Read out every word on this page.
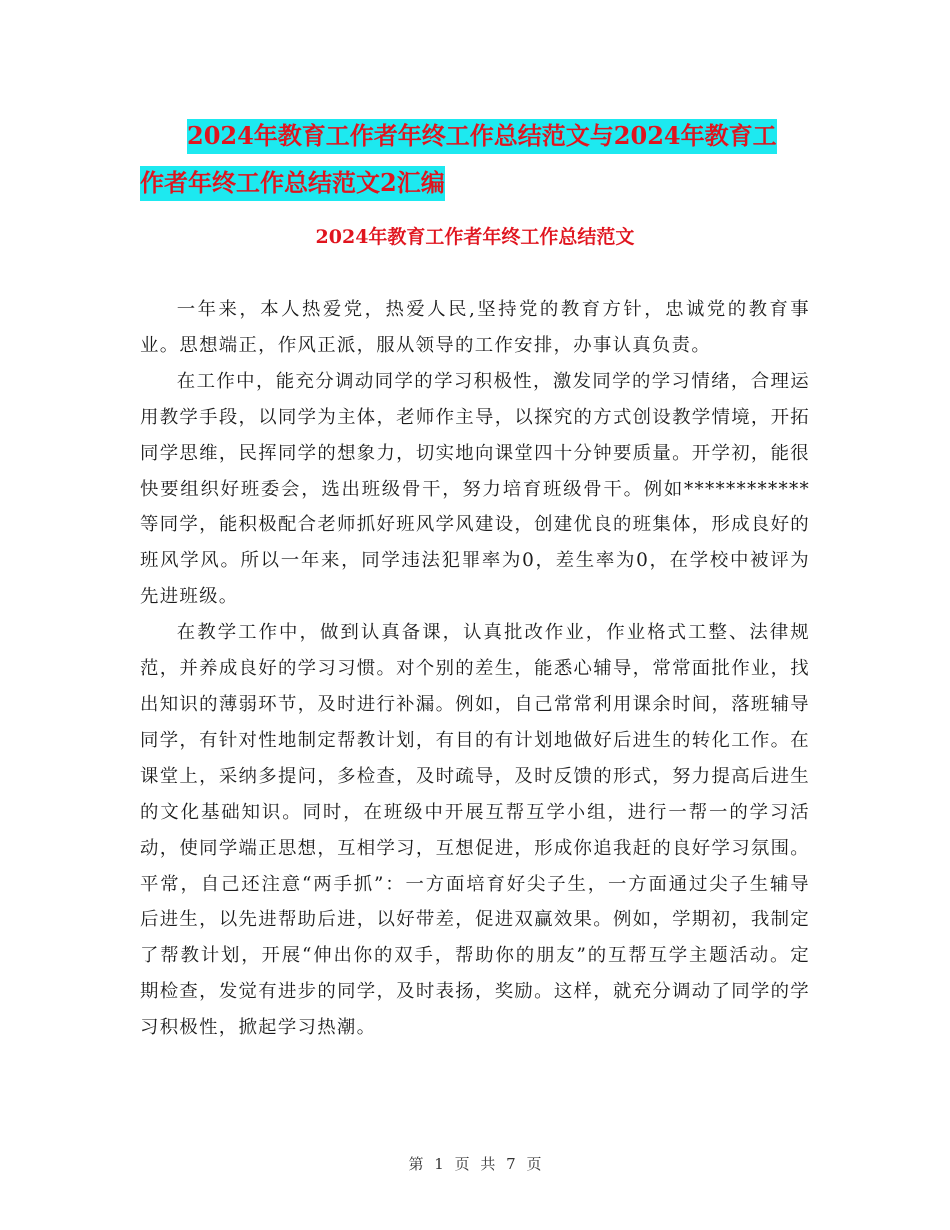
2024年教育工作者年终工作总结范文与2024年教育工
作者年终工作总结范文2汇编
2024年教育工作者年终工作总结范文

一年来，本人热爱党，热爱人民,坚持党的教育方针，忠诚党的教育事业。思想端正，作风正派，服从领导的工作安排，办事认真负责。

在工作中，能充分调动同学的学习积极性，激发同学的学习情绪，合理运用教学手段，以同学为主体，老师作主导，以探究的方式创设教学情境，开拓同学思维，民挥同学的想象力，切实地向课堂四十分钟要质量。开学初，能很快要组织好班委会，选出班级骨干，努力培育班级骨干。例如************等同学，能积极配合老师抓好班风学风建设，创建优良的班集体，形成良好的班风学风。所以一年来，同学违法犯罪率为0，差生率为0，在学校中被评为先进班级。

在教学工作中，做到认真备课，认真批改作业，作业格式工整、法律规范，并养成良好的学习习惯。对个别的差生，能悉心辅导，常常面批作业，找出知识的薄弱环节，及时进行补漏。例如，自己常常利用课余时间，落班辅导同学，有针对性地制定帮教计划，有目的有计划地做好后进生的转化工作。在课堂上，采纳多提问，多检查，及时疏导，及时反馈的形式，努力提高后进生的文化基础知识。同时，在班级中开展互帮互学小组，进行一帮一的学习活动，使同学端正思想，互相学习，互想促进，形成你追我赶的良好学习氛围。平常，自己还注意“两手抓”：一方面培育好尖子生，一方面通过尖子生辅导后进生，以先进帮助后进，以好带差，促进双赢效果。例如，学期初，我制定了帮教计划，开展“伸出你的双手，帮助你的朋友”的互帮互学主题活动。定期检查，发觉有进步的同学，及时表扬，奖励。这样，就充分调动了同学的学习积极性，掀起学习热潮。

第 1 页 共 7 页
